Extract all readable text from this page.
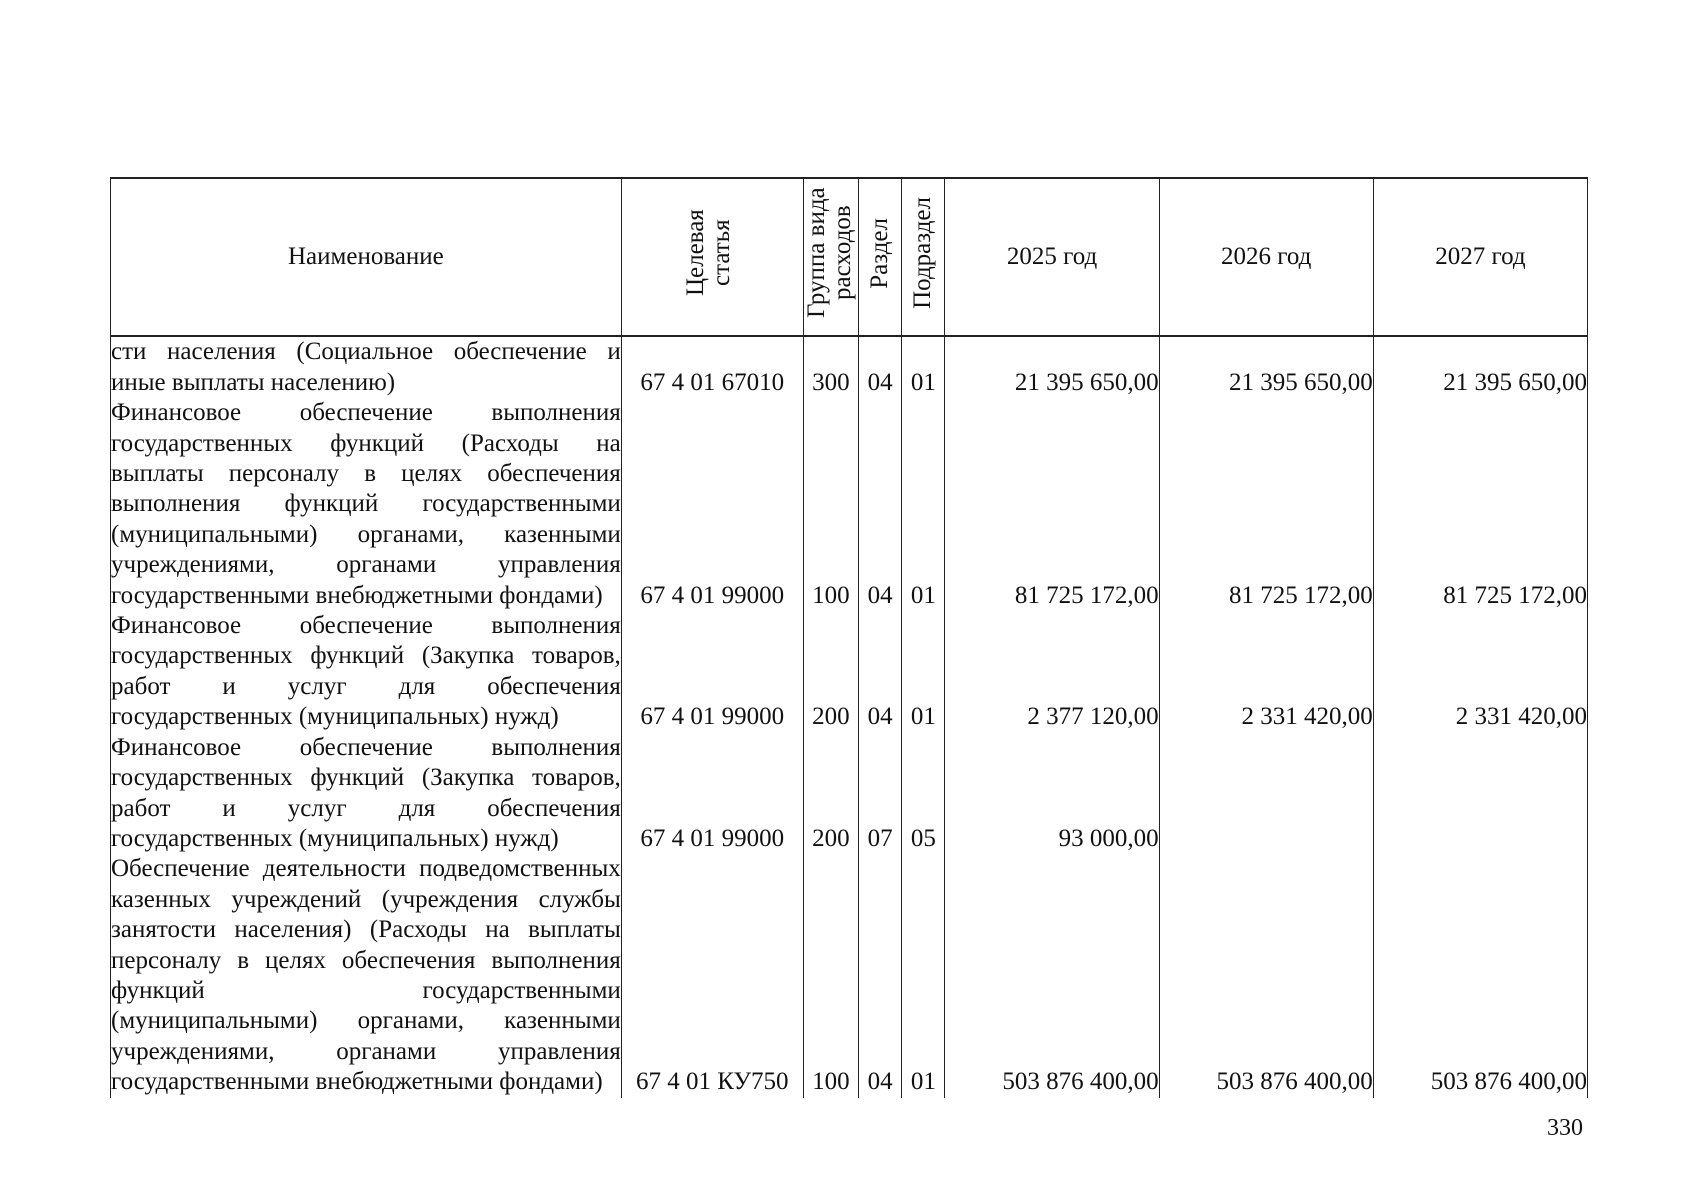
Наименование	Целевая статья	Группа вида расходов	Раздел	Подраздел	2025 год	2026 год	2027 год
сти населения (Социальное обеспечение и иные выплаты населению)	67 4 01 67010	300	04	01	21 395 650,00	21 395 650,00	21 395 650,00
Финансовое обеспечение выполнения государственных функций (Расходы на выплаты персоналу в целях обеспечения выполнения функций государственными (муниципальными) органами, казенными учреждениями, органами управления государственными внебюджетными фондами)	67 4 01 99000	100	04	01	81 725 172,00	81 725 172,00	81 725 172,00
Финансовое обеспечение выполнения государственных функций (Закупка товаров, работ и услуг для обеспечения государственных (муниципальных) нужд)	67 4 01 99000	200	04	01	2 377 120,00	2 331 420,00	2 331 420,00
Финансовое обеспечение выполнения государственных функций (Закупка товаров, работ и услуг для обеспечения государственных (муниципальных) нужд)	67 4 01 99000	200	07	05	93 000,00		
Обеспечение деятельности подведомственных казенных учреждений (учреждения службы занятости населения) (Расходы на выплаты персоналу в целях обеспечения выполнения функций государственными (муниципальными) органами, казенными учреждениями, органами управления государственными внебюджетными фондами)	67 4 01 КУ750	100	04	01	503 876 400,00	503 876 400,00	503 876 400,00
330
